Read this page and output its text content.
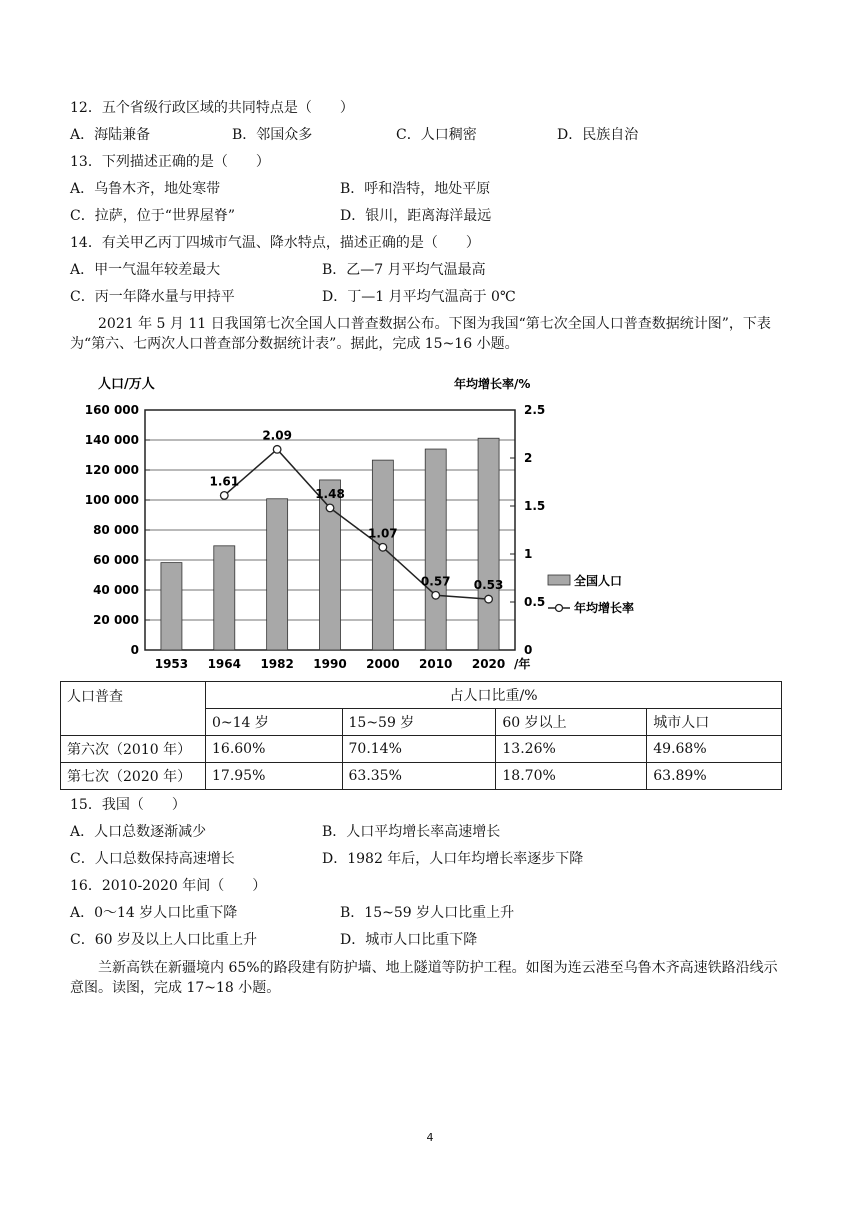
12．五个省级行政区域的共同特点是（　　）
A．海陆兼备	B．邻国众多	C．人口稠密	D．民族自治
13．下列描述正确的是（　　）
A．乌鲁木齐，地处寒带	B．呼和浩特，地处平原
C．拉萨，位于“世界屋脊”	D．银川，距离海洋最远
14．有关甲乙丙丁四城市气温、降水特点，描述正确的是（　　）
A．甲一气温年较差最大	B．乙—7 月平均气温最高
C．丙一年降水量与甲持平	D．丁—1 月平均气温高于 0℃
2021 年 5 月 11 日我国第七次全国人口普查数据公布。下图为我国“第七次全国人口普查数据统计图”，下表为“第六、七两次人口普查部分数据统计表”。据此，完成 15~16 小题。
人口/万人	年均增长率/%
1.61
2.09
1.48
1.07
0.57 0.53
0
20 000
40 000
60 000
80 000
100 000
120 000
140 000
160 000
0
0.5
1
1.5
2
2.5
1953 1964 1982 1990 2000 2010 2020 /年
全国人口
年均增长率
人口普查	占人口比重/%			
	0~14 岁	15~59 岁	60 岁以上	城市人口
第六次（2010 年）	16.60%	70.14%	13.26%	49.68%
第七次（2020 年）	17.95%	63.35%	18.70%	63.89%
15．我国（　　）
A．人口总数逐渐减少	B．人口平均增长率高速增长
C．人口总数保持高速增长	D．1982 年后，人口年均增长率逐步下降
16．2010-2020 年间（　　）
A．0～14 岁人口比重下降	B．15~59 岁人口比重上升
C．60 岁及以上人口比重上升	D．城市人口比重下降
兰新高铁在新疆境内 65%的路段建有防护墙、地上隧道等防护工程。如图为连云港至乌鲁木齐高速铁路沿线示意图。读图，完成 17~18 小题。
4
